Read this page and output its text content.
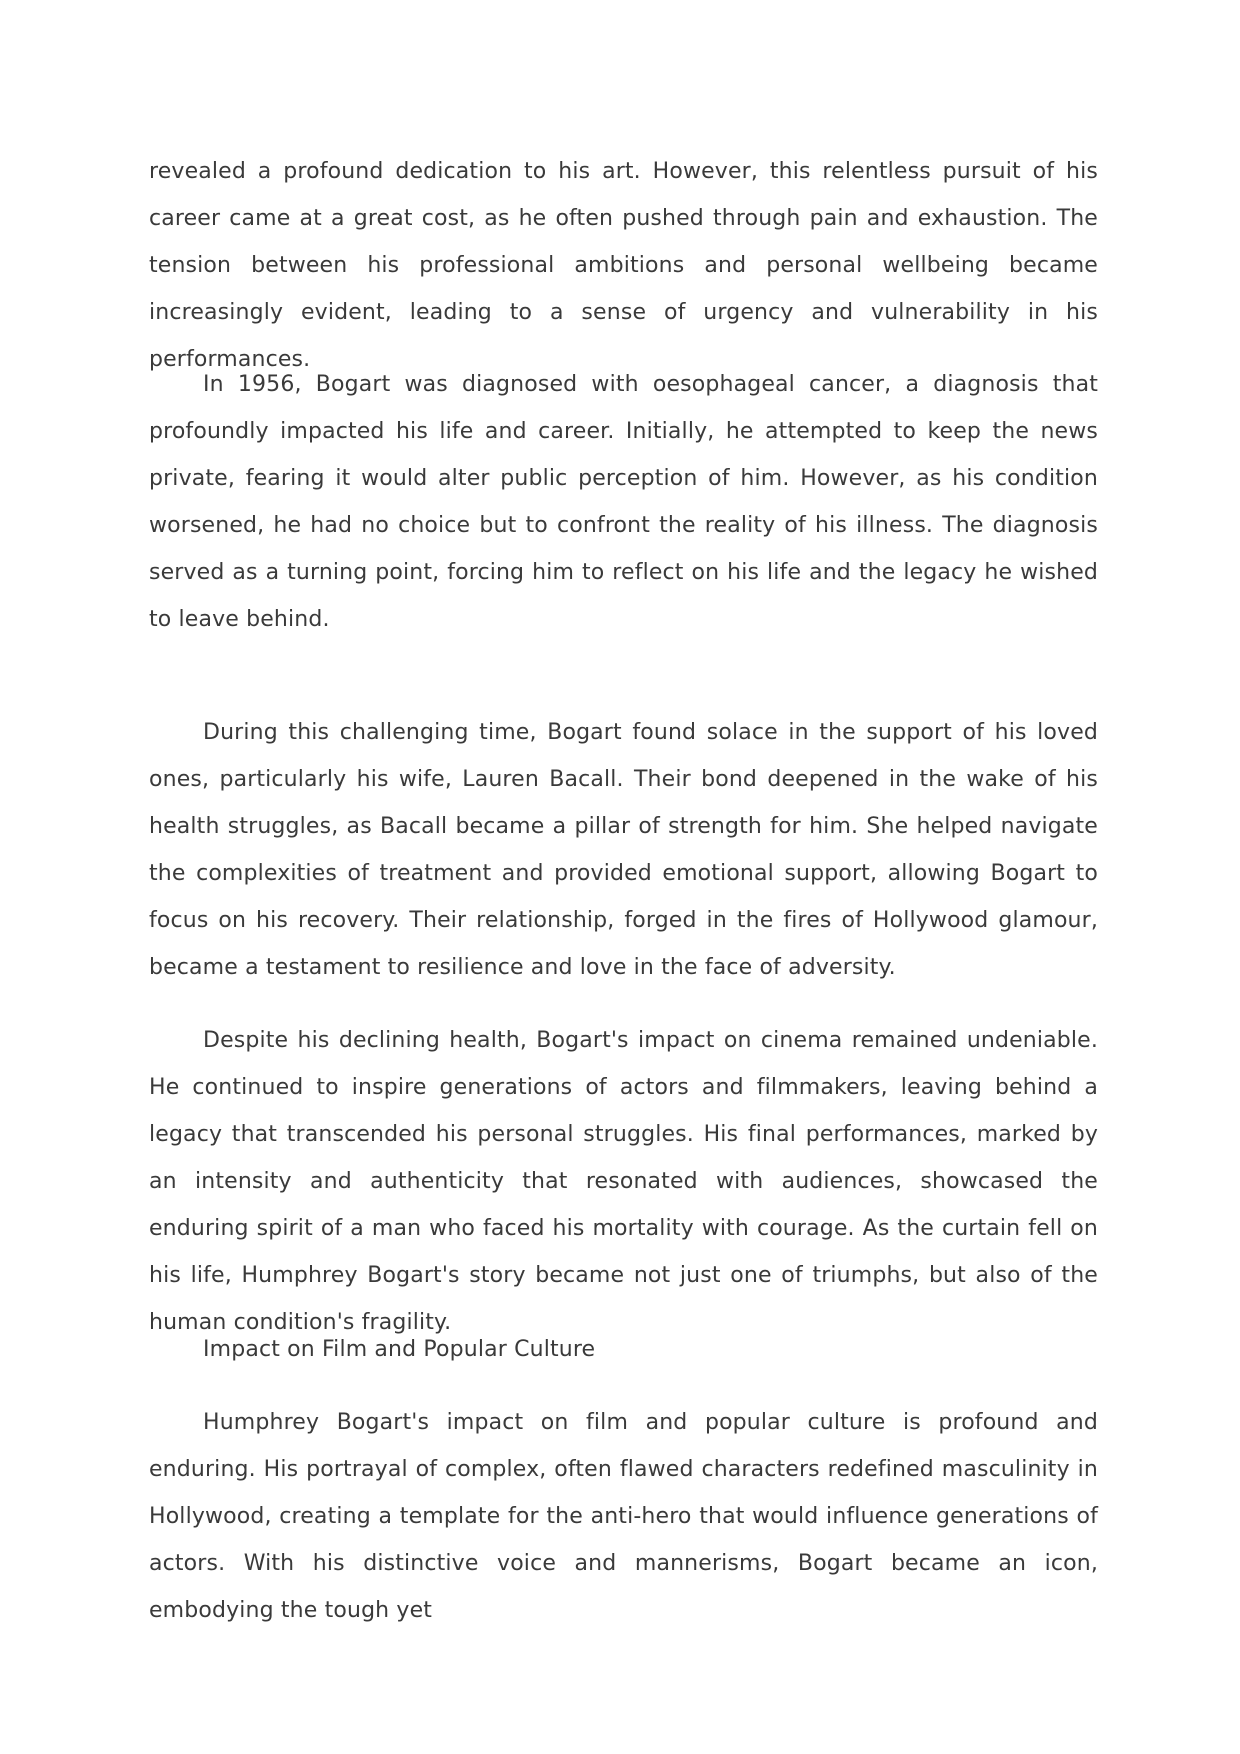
revealed a profound dedication to his art. However, this relentless pursuit of his career came at a great cost, as he often pushed through pain and exhaustion. The tension between his professional ambitions and personal wellbeing became increasingly evident, leading to a sense of urgency and vulnerability in his performances.

In 1956, Bogart was diagnosed with oesophageal cancer, a diagnosis that profoundly impacted his life and career. Initially, he attempted to keep the news private, fearing it would alter public perception of him. However, as his condition worsened, he had no choice but to confront the reality of his illness. The diagnosis served as a turning point, forcing him to reflect on his life and the legacy he wished to leave behind.

During this challenging time, Bogart found solace in the support of his loved ones, particularly his wife, Lauren Bacall. Their bond deepened in the wake of his health struggles, as Bacall became a pillar of strength for him. She helped navigate the complexities of treatment and provided emotional support, allowing Bogart to focus on his recovery. Their relationship, forged in the fires of Hollywood glamour, became a testament to resilience and love in the face of adversity.

Despite his declining health, Bogart's impact on cinema remained undeniable. He continued to inspire generations of actors and filmmakers, leaving behind a legacy that transcended his personal struggles. His final performances, marked by an intensity and authenticity that resonated with audiences, showcased the enduring spirit of a man who faced his mortality with courage. As the curtain fell on his life, Humphrey Bogart's story became not just one of triumphs, but also of the human condition's fragility.

Impact on Film and Popular Culture

Humphrey Bogart's impact on film and popular culture is profound and enduring. His portrayal of complex, often flawed characters redefined masculinity in Hollywood, creating a template for the anti-hero that would influence generations of actors. With his distinctive voice and mannerisms, Bogart became an icon, embodying the tough yet
